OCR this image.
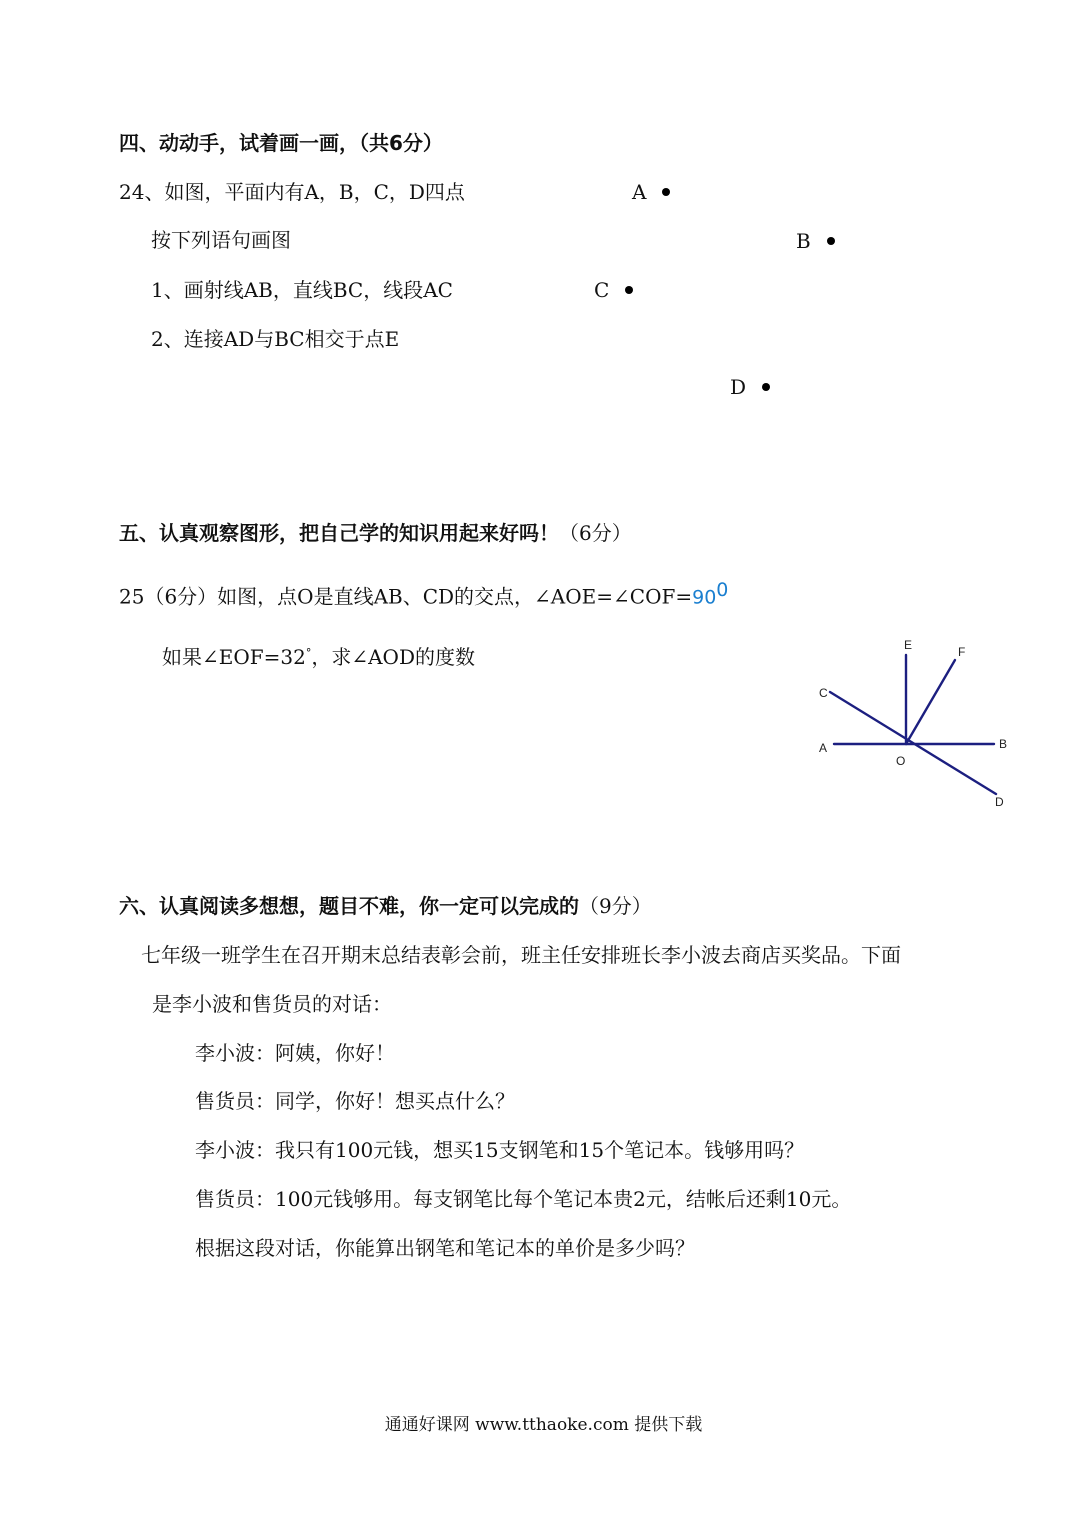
四、动动手，试着画一画，（共6分）
24、如图，平面内有A，B，C，D四点
按下列语句画图
1、画射线AB，直线BC，线段AC
2、连接AD与BC相交于点E
A
B
C
D
五、认真观察图形，把自己学的知识用起来好吗！（6分）
25（6分）如图，点O是直线AB、CD的交点，$\angle AOE=\angle COF=90^0$
如果∠EOF=32°，求∠AOD的度数	E	F
C
A
O
B
D
六、认真阅读多想想，题目不难，你一定可以完成的（9分）
七年级一班学生在召开期末总结表彰会前，班主任安排班长李小波去商店买奖品。下面
是李小波和售货员的对话：
李小波：阿姨，你好！
售货员：同学，你好！想买点什么？
李小波：我只有100元钱，想买15支钢笔和15个笔记本。钱够用吗？
售货员：100元钱够用。每支钢笔比每个笔记本贵2元，结帐后还剩10元。
根据这段对话，你能算出钢笔和笔记本的单价是多少吗？
通通好课网 www.tthaoke.com 提供下载
